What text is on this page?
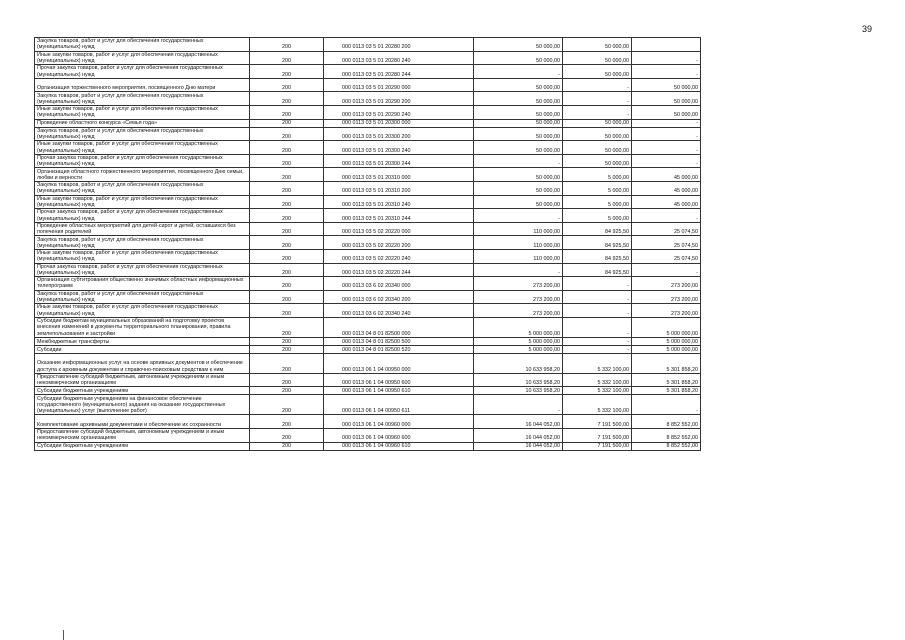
39
Закупка товаров, работ и услуг для обеспечения государственных (муниципальных) нужд	200	000 0113 03 5 01 20280 200	50 000,00	50 000,00	
Иные закупки товаров, работ и услуг для обеспечения государственных (муниципальных) нужд	200	000 0113 03 5 01 20280 240	50 000,00	50 000,00	-
Прочая закупка товаров, работ и услуг для обеспечения государственных (муниципальных) нужд	200	000 0113 03 5 01 20280 244	-	50 000,00	-
Организация торжественного мероприятия, посвященного Дню матери	200	000 0113 03 5 01 20290 000	50 000,00	-	50 000,00
Закупка товаров, работ и услуг для обеспечения государственных (муниципальных) нужд	200	000 0113 03 5 01 20290 200	50 000,00	-	50 000,00
Иные закупки товаров, работ и услуг для обеспечения государственных (муниципальных) нужд	200	000 0113 03 5 01 20290 240	50 000,00	-	50 000,00
Проведение областного конкурса «Семья года»	200	000 0113 03 5 01 20300 000	50 000,00	50 000,00	-
Закупка товаров, работ и услуг для обеспечения государственных (муниципальных) нужд	200	000 0113 03 5 01 20300 200	50 000,00	50 000,00	-
Иные закупки товаров, работ и услуг для обеспечения государственных (муниципальных) нужд	200	000 0113 03 5 01 20300 240	50 000,00	50 000,00	-
Прочая закупка товаров, работ и услуг для обеспечения государственных (муниципальных) нужд	200	000 0113 03 5 01 20300 244	-	50 000,00	-
Организация областного торжественного мероприятия, посвященного Дню семьи, любви и верности	200	000 0113 03 5 01 20310 000	50 000,00	5 000,00	45 000,00
Закупка товаров, работ и услуг для обеспечения государственных (муниципальных) нужд	200	000 0113 03 5 01 20310 200	50 000,00	5 000,00	45 000,00
Иные закупки товаров, работ и услуг для обеспечения государственных (муниципальных) нужд	200	000 0113 03 5 01 20310 240	50 000,00	5 000,00	45 000,00
Прочая закупка товаров, работ и услуг для обеспечения государственных (муниципальных) нужд	200	000 0113 03 5 01 20310 244	-	5 000,00	-
Проведение областных мероприятий для детей-сирот и детей, оставшихся без попечения родителей	200	000 0113 03 5 02 20220 000	110 000,00	84 925,50	25 074,50
Закупка товаров, работ и услуг для обеспечения государственных (муниципальных) нужд	200	000 0113 03 5 02 20220 200	110 000,00	84 925,50	25 074,50
Иные закупки товаров, работ и услуг для обеспечения государственных (муниципальных) нужд	200	000 0113 03 5 02 20220 240	110 000,00	84 925,50	25 074,50
Прочая закупка товаров, работ и услуг для обеспечения государственных (муниципальных) нужд	200	000 0113 03 5 02 20220 244	-	84 925,50	-
Организация субтитрования общественно значимых областных информационных телепрограмм	200	000 0113 03 6 02 20340 000	273 200,00	-	273 200,00
Закупка товаров, работ и услуг для обеспечения государственных (муниципальных) нужд	200	000 0113 03 6 02 20340 200	273 200,00	-	273 200,00
Иные закупки товаров, работ и услуг для обеспечения государственных (муниципальных) нужд	200	000 0113 03 6 02 20340 240	273 200,00	-	273 200,00
Субсидии бюджетам муниципальных образований на подготовку проектов внесения изменений в документы территориального планирования, правила землепользования и застройки	200	000 0113 04 8 01 82500 000	5 000 000,00	-	5 000 000,00
Межбюджетные трансферты	200	000 0113 04 8 01 82500 500	5 000 000,00	-	5 000 000,00
Субсидии	200	000 0113 04 8 01 82500 520	5 000 000,00	-	5 000 000,00
Оказание информационных услуг на основе архивных документов и обеспечение доступа к архивным документам и справочно-поисковым средствам к ним	200	000 0113 06 1 04 00950 000	10 633 958,20	5 332 100,00	5 301 858,20
Предоставление субсидий бюджетным, автономным учреждениям и иным некоммерческим организациям	200	000 0113 06 1 04 00950 600	10 633 958,20	5 332 100,00	5 301 858,20
Субсидии бюджетным учреждениям	200	000 0113 06 1 04 00950 610	10 633 958,20	5 332 100,00	5 301 858,20
Субсидии бюджетным учреждениям на финансовое обеспечение государственного (муниципального) задания на оказание государственных (муниципальных) услуг (выполнение работ)	200	000 0113 06 1 04 00950 611	-	5 332 100,00	-
Комплектование архивными документами и обеспечение их сохранности	200	000 0113 06 1 04 00960 000	16 044 052,00	7 191 500,00	8 852 552,00
Предоставление субсидий бюджетным, автономным учреждениям и иным некоммерческим организациям	200	000 0113 06 1 04 00960 600	16 044 052,00	7 191 500,00	8 852 552,00
Субсидии бюджетным учреждениям	200	000 0113 06 1 04 00960 610	16 044 052,00	7 191 500,00	8 852 552,00
